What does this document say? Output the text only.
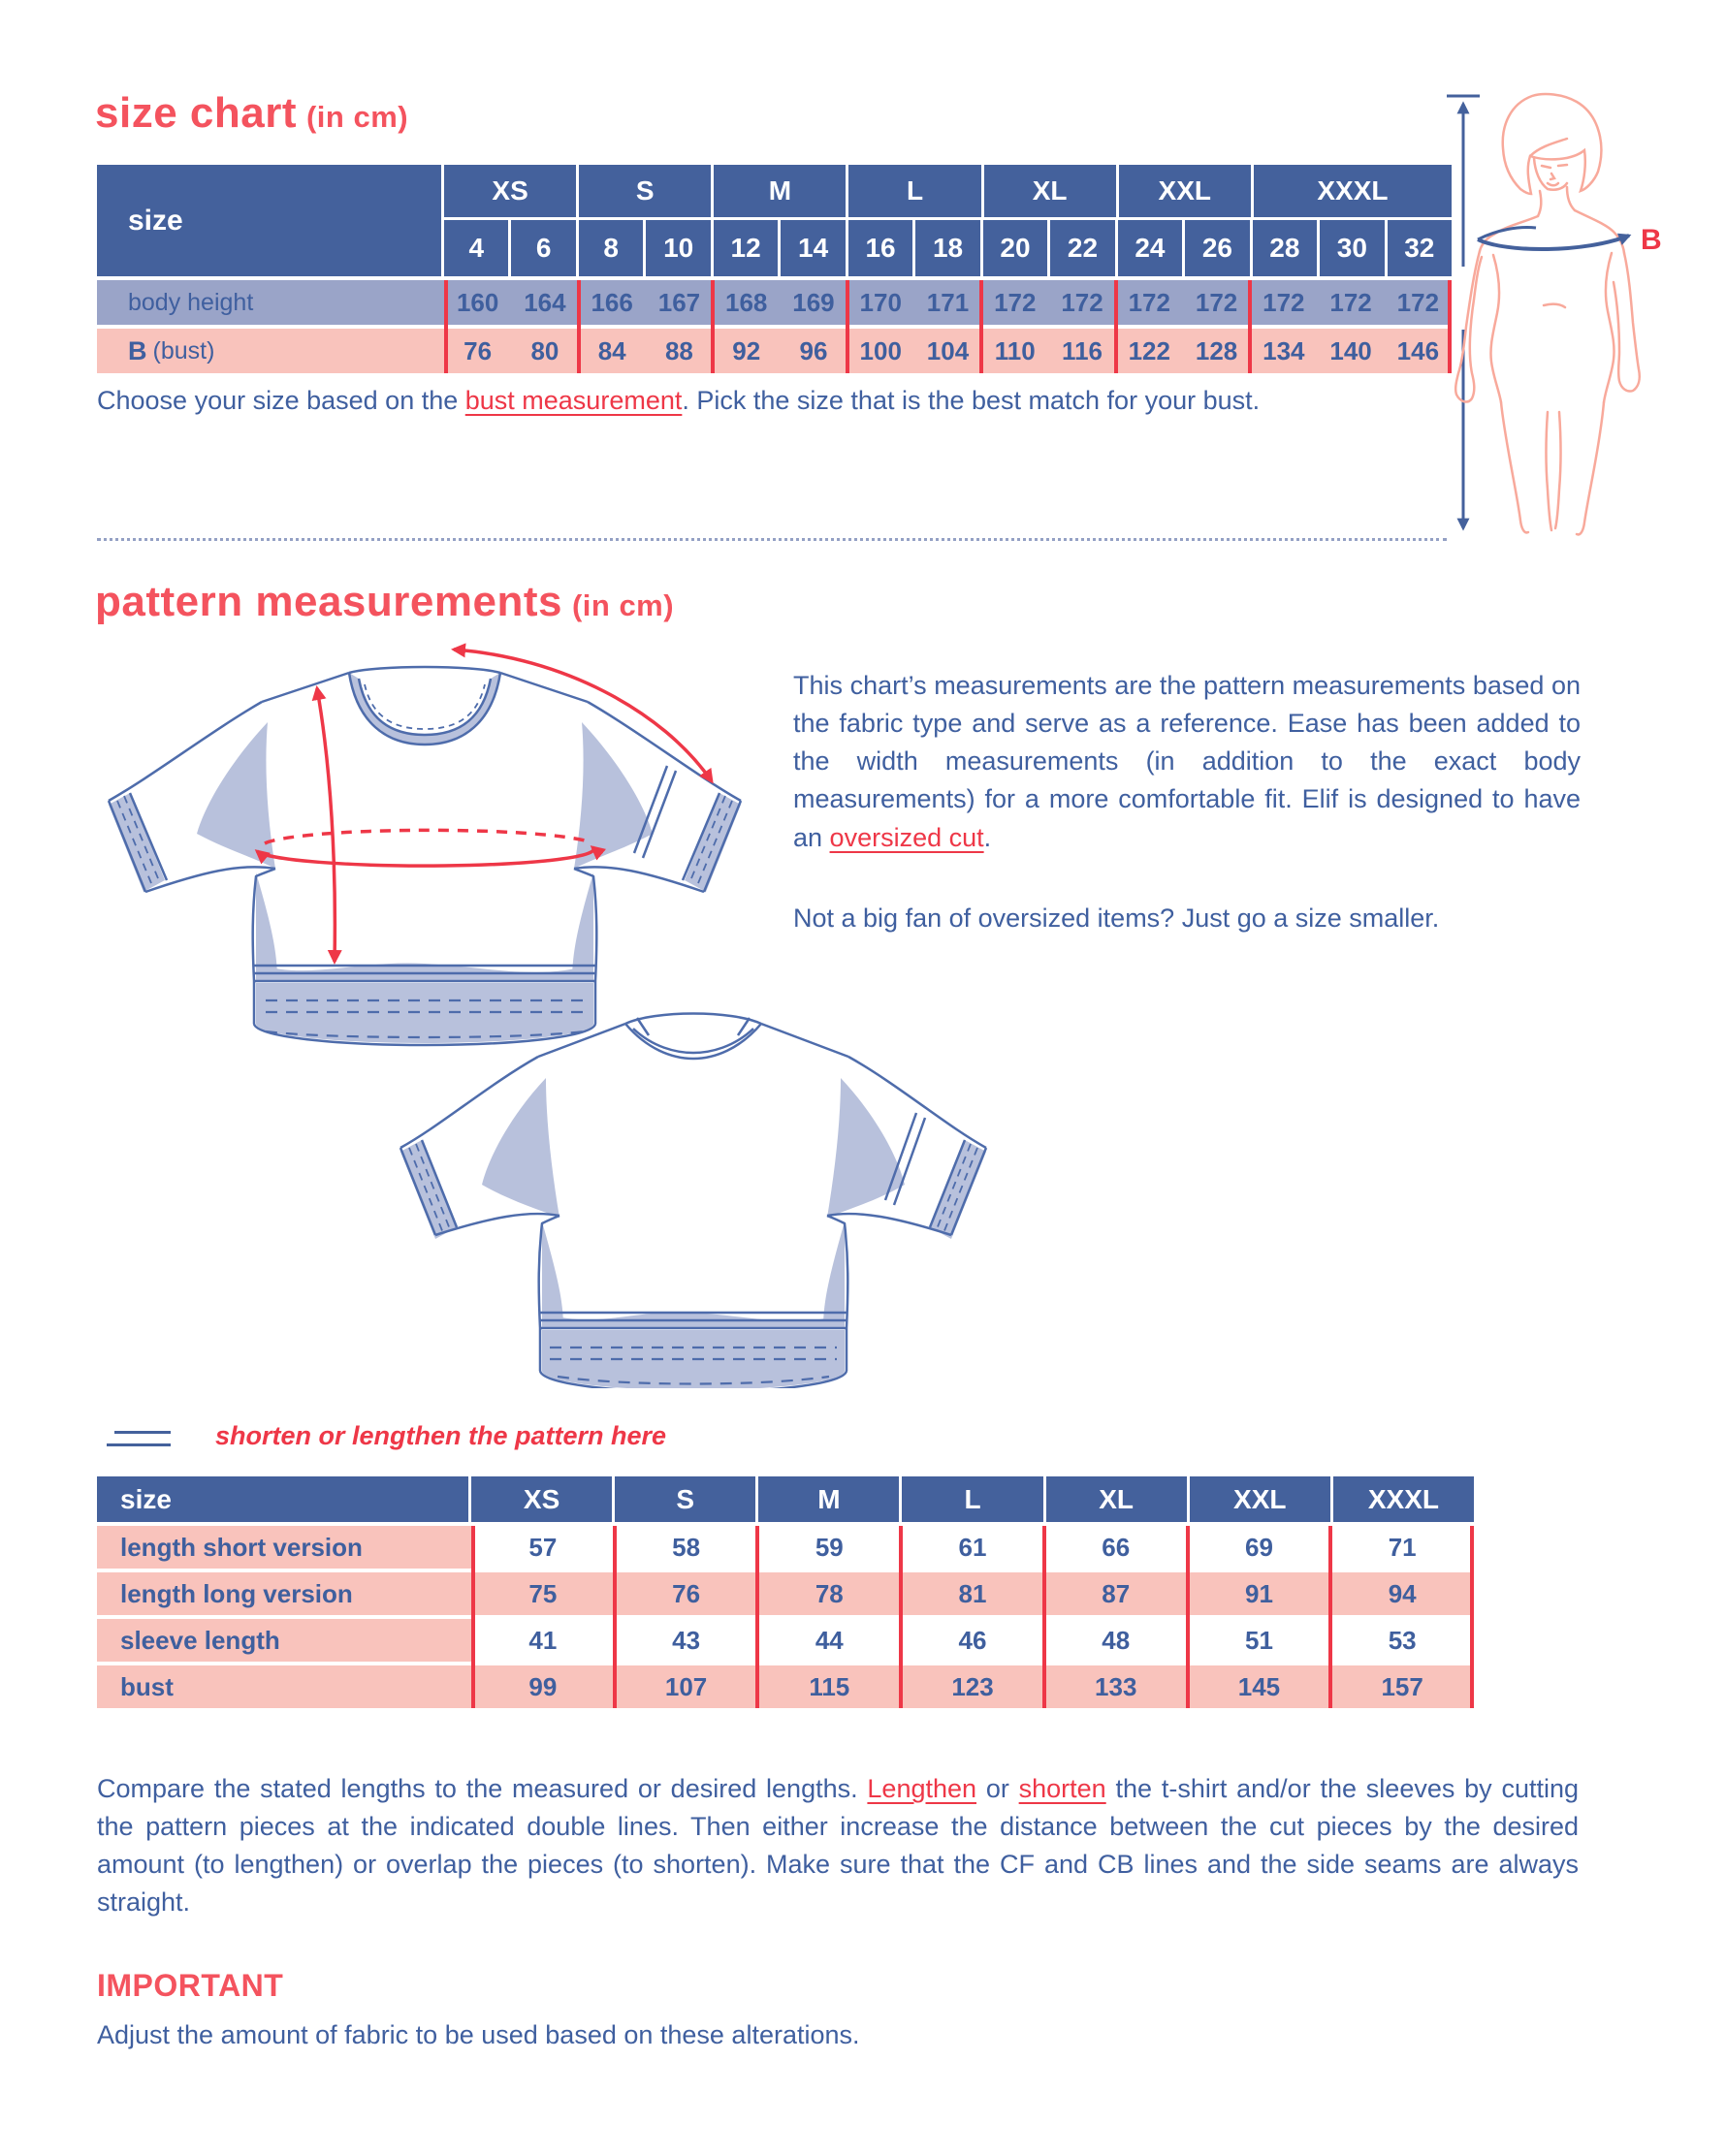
size chart (in cm)
size
XS	S	M	L	XL	XXL	XXXL
4	6	8	10	12	14	16	18	20	22	24	26	28	30	32
body height	160 164 166 167 168 169 170 171 172 172 172 172 172 172 172
B (bust)	76	80	84	88	92	96	100 104	110	116	122 128 134 140 146
Choose your size based on the bust measurement. Pick the size that is the best match for your bust.
B
pattern measurements (in cm)
This chart’s measurements are the pattern measurements based on the fabric type and serve as a reference. Ease has been added to the width measurements (in addition to the exact body measurements) for a more comfortable fit. Elif is designed to have an oversized cut.
Not a big fan of oversized items? Just go a size smaller.
shorten or lengthen the pattern here
size	XS	S	M	L	XL	XXL	XXXL
length short version	57	58	59	61	66	69	71
length long version	75	76	78	81	87	91	94
sleeve length	41	43	44	46	48	51	53
bust	99	107	115	123	133	145	157
Compare the stated lengths to the measured or desired lengths. Lengthen or shorten the t-shirt and/or the sleeves by cutting the pattern pieces at the indicated double lines. Then either increase the distance between the cut pieces by the desired amount (to lengthen) or overlap the pieces (to shorten). Make sure that the CF and CB lines and the side seams are always straight.
IMPORTANT
Adjust the amount of fabric to be used based on these alterations.
